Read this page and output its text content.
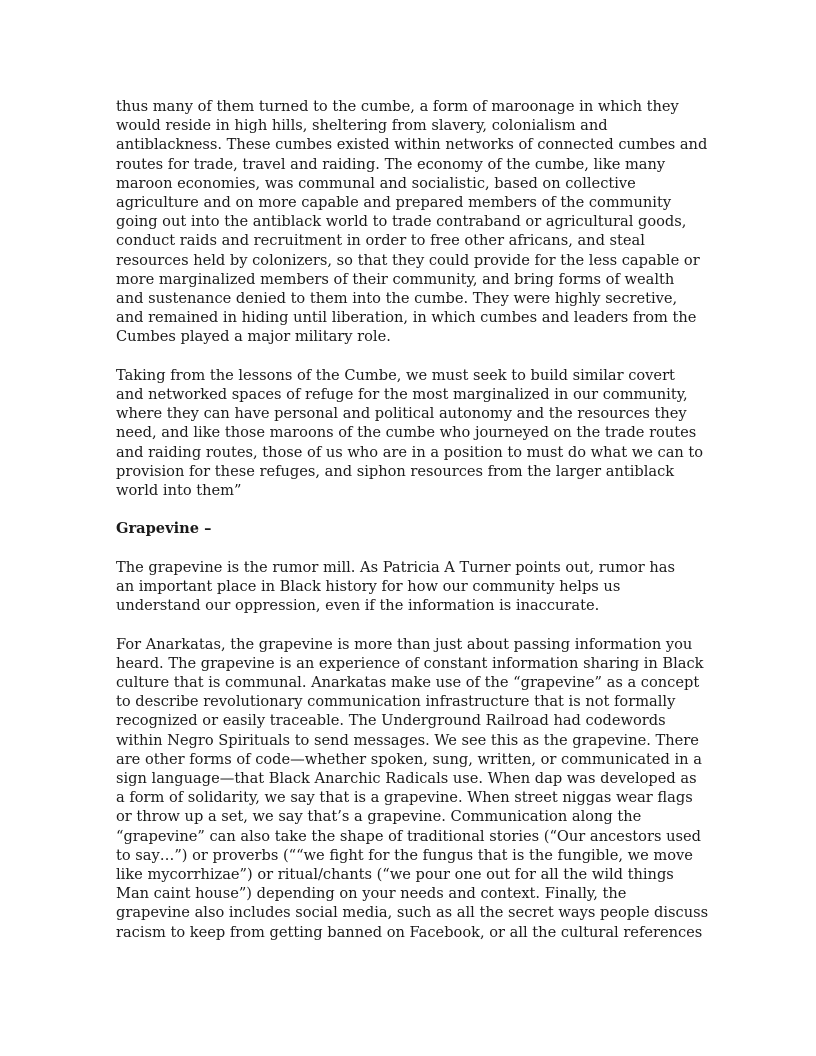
thus many of them turned to the cumbe, a form of maroonage in which they
would reside in high hills, sheltering from slavery, colonialism and
antiblackness. These cumbes existed within networks of connected cumbes and
routes for trade, travel and raiding. The economy of the cumbe, like many
maroon economies, was communal and socialistic, based on collective
agriculture and on more capable and prepared members of the community
going out into the antiblack world to trade contraband or agricultural goods,
conduct raids and recruitment in order to free other africans, and steal
resources held by colonizers, so that they could provide for the less capable or
more marginalized members of their community, and bring forms of wealth
and sustenance denied to them into the cumbe. They were highly secretive,
and remained in hiding until liberation, in which cumbes and leaders from the
Cumbes played a major military role.

Taking from the lessons of the Cumbe, we must seek to build similar covert
and networked spaces of refuge for the most marginalized in our community,
where they can have personal and political autonomy and the resources they
need, and like those maroons of the cumbe who journeyed on the trade routes
and raiding routes, those of us who are in a position to must do what we can to
provision for these refuges, and siphon resources from the larger antiblack
world into them”

Grapevine –

The grapevine is the rumor mill. As Patricia A Turner points out, rumor has
an important place in Black history for how our community helps us
understand our oppression, even if the information is inaccurate.

For Anarkatas, the grapevine is more than just about passing information you
heard. The grapevine is an experience of constant information sharing in Black
culture that is communal. Anarkatas make use of the “grapevine” as a concept
to describe revolutionary communication infrastructure that is not formally
recognized or easily traceable. The Underground Railroad had codewords
within Negro Spirituals to send messages. We see this as the grapevine. There
are other forms of code—whether spoken, sung, written, or communicated in a
sign language—that Black Anarchic Radicals use. When dap was developed as
a form of solidarity, we say that is a grapevine. When street niggas wear flags
or throw up a set, we say that’s a grapevine. Communication along the
“grapevine” can also take the shape of traditional stories (“Our ancestors used
to say…”) or proverbs (““we fight for the fungus that is the fungible, we move
like mycorrhizae”) or ritual/chants (“we pour one out for all the wild things
Man caint house”) depending on your needs and context. Finally, the
grapevine also includes social media, such as all the secret ways people discuss
racism to keep from getting banned on Facebook, or all the cultural references
